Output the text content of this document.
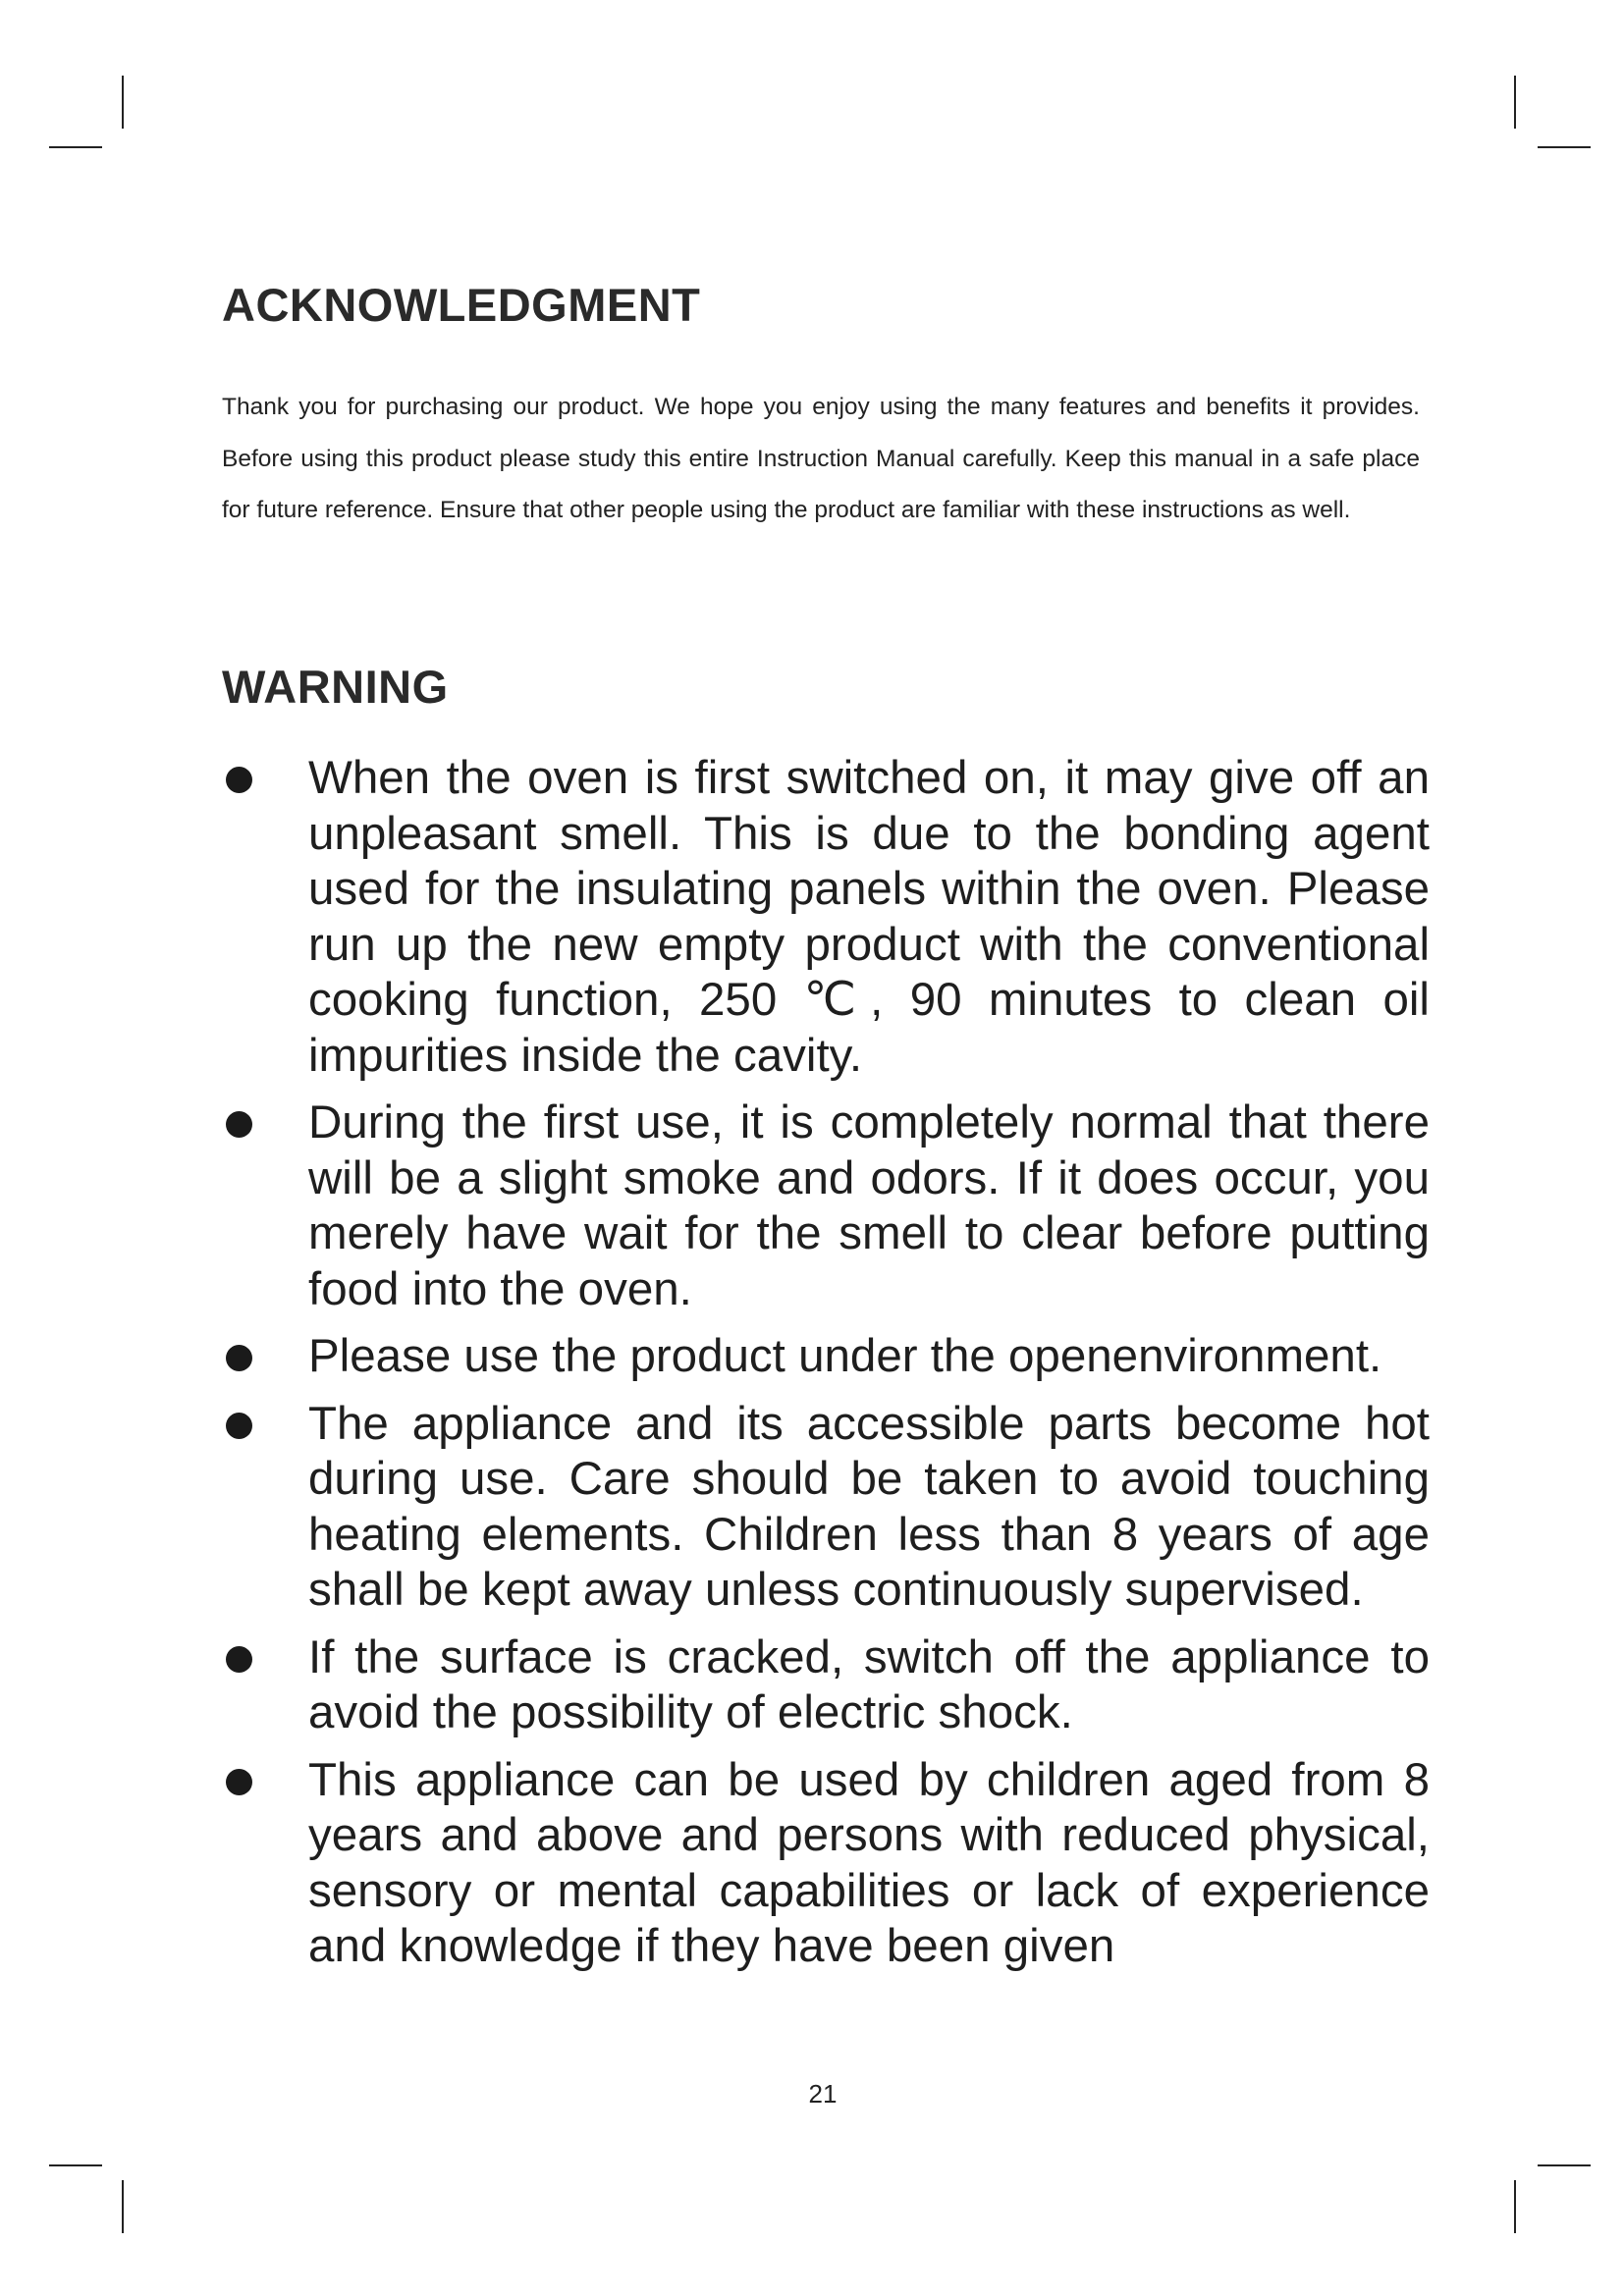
ACKNOWLEDGMENT

Thank you for purchasing our product. We hope you enjoy using the many features and benefits it provides. Before using this product please study this entire Instruction Manual carefully. Keep this manual in a safe place for future reference. Ensure that other people using the product are familiar with these instructions as well.

WARNING
When the oven is first switched on, it may give off an unpleasant smell. This is due to the bonding agent used for the insulating panels within the oven. Please run up the new empty product with the conventional cooking function, 250 ℃, 90 minutes to clean oil impurities inside the cavity.
During the first use, it is completely normal that there will be a slight smoke and odors. If it does occur, you merely have wait for the smell to clear before putting food into the oven.
Please use the product under the openenvironment.
The appliance and its accessible parts become hot during use. Care should be taken to avoid touching heating elements. Children less than 8 years of age shall be kept away unless continuously supervised.
If the surface is cracked, switch off the appliance to avoid the possibility of electric shock.
This appliance can be used by children aged from 8 years and above and persons with reduced physical, sensory or mental capabilities or lack of experience and knowledge if they have been given
21
